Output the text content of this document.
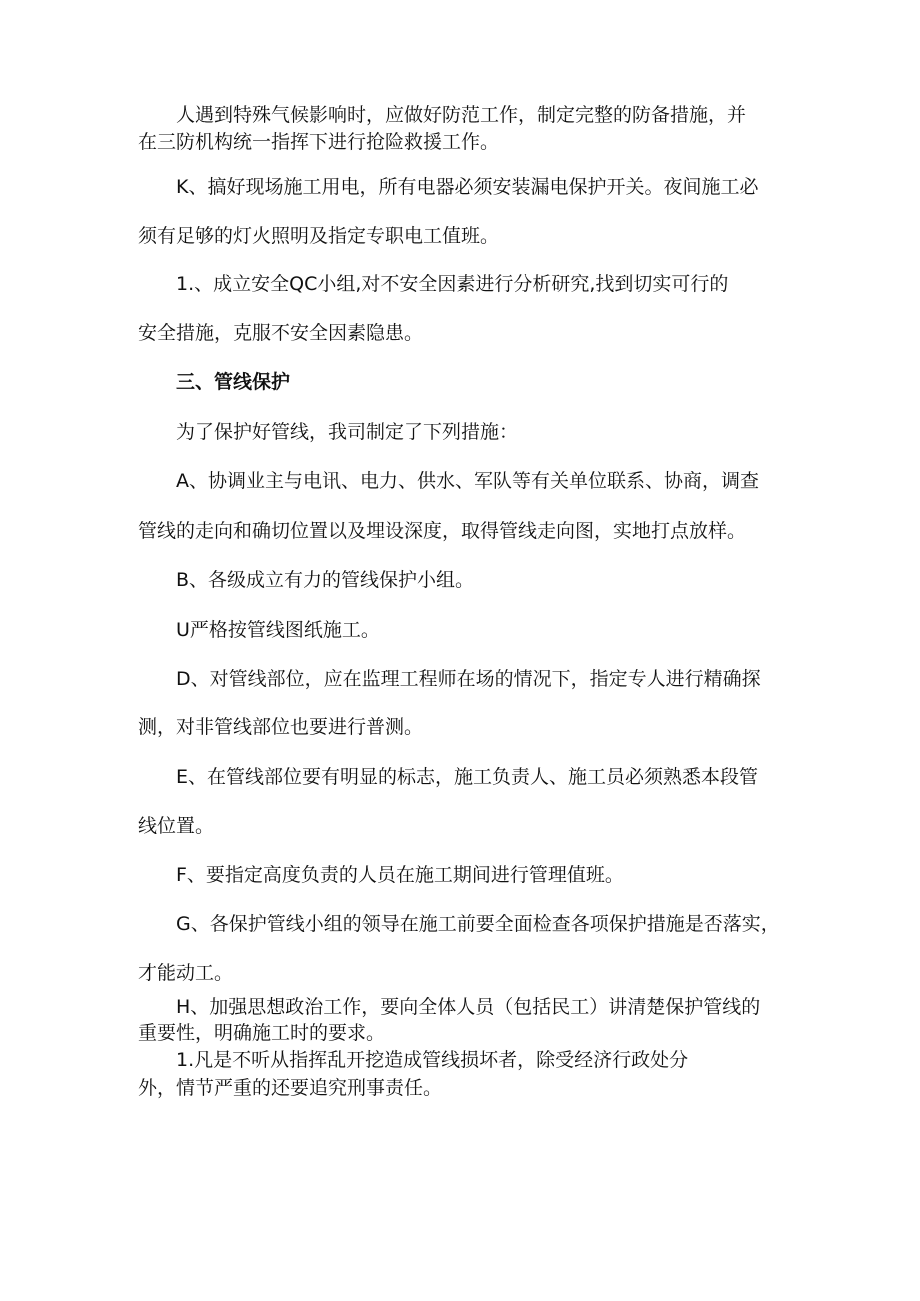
人遇到特殊气候影响时，应做好防范工作，制定完整的防备措施，并

在三防机构统一指挥下进行抢险救援工作。

K、搞好现场施工用电，所有电器必须安装漏电保护开关。夜间施工必

须有足够的灯火照明及指定专职电工值班。

1.、成立安全QC小组,对不安全因素进行分析研究,找到切实可行的

安全措施，克服不安全因素隐患。

三、管线保护

为了保护好管线，我司制定了下列措施：

A、协调业主与电讯、电力、供水、军队等有关单位联系、协商，调查

管线的走向和确切位置以及埋设深度，取得管线走向图，实地打点放样。

B、各级成立有力的管线保护小组。

U严格按管线图纸施工。

D、对管线部位，应在监理工程师在场的情况下，指定专人进行精确探

测，对非管线部位也要进行普测。

E、在管线部位要有明显的标志，施工负责人、施工员必须熟悉本段管

线位置。

F、要指定高度负责的人员在施工期间进行管理值班。

G、各保护管线小组的领导在施工前要全面检查各项保护措施是否落实，

才能动工。

H、加强思想政治工作，要向全体人员（包括民工）讲清楚保护管线的

重要性，明确施工时的要求。

1.凡是不听从指挥乱开挖造成管线损坏者，除受经济行政处分

外，情节严重的还要追究刑事责任。
